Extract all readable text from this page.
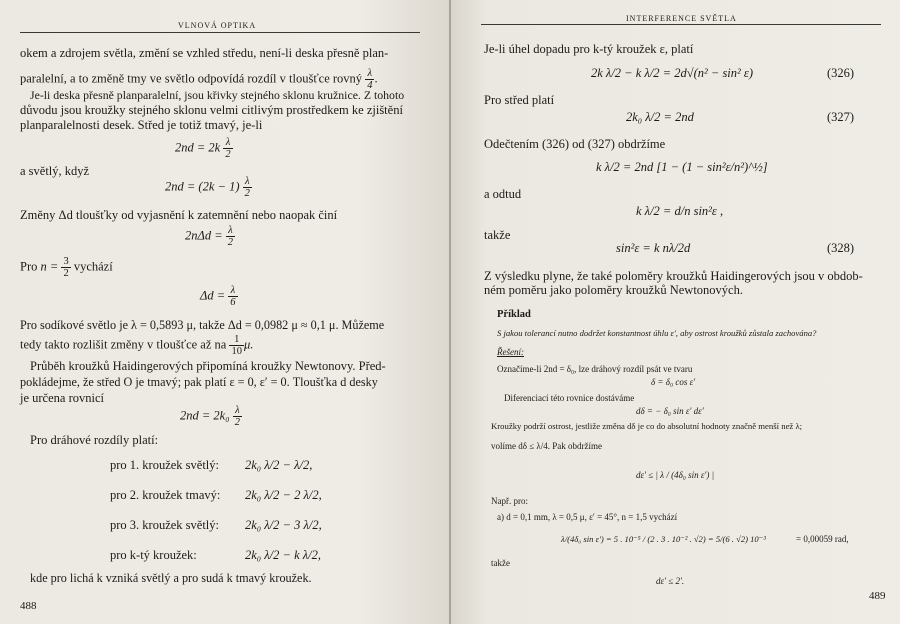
VLNOVÁ OPTIKA
okem a zdrojem světla, změní se vzhled středu, není-li deska přesně plan-
paralelní, a to změně tmy ve světlo odpovídá rozdíl v tloušťce rovný $\frac{\lambda}{4}$ .
Je-li deska přesně planparalelní, jsou křivky stejného sklonu kružnice. Z tohoto
důvodu jsou kroužky stejného sklonu velmi citlivým prostředkem ke zjištění
planparalelnosti desek. Střed je totiž tmavý, je-li
$2nd = 2k \frac{\lambda}{2}$
a světlý, když
$2nd = (2k - 1) \frac{\lambda}{2}$
Změny Δd tloušťky od vyjasnění k zatemnění nebo naopak činí
$2n\Delta d = \frac{\lambda}{2}$
Pro $n = \frac{3}{2}$ vychází
$\Delta d = \frac{\lambda}{6}$
Pro sodíkové světlo je λ = 0,5893 μ, takže Δd = 0,0982 μ ≈ 0,1 μ. Můžeme
tedy takto rozlišit změny v tloušťce až na $\frac{1}{10} \mu$.
Průběh kroužků Haidingerových připomíná kroužky Newtonovy. Před-
pokládejme, že střed O je tmavý; pak platí ε = 0, ε′ = 0. Tloušťka d desky
je určena rovnicí
$2nd = 2k_0 \frac{\lambda}{2}$
Pro dráhové rozdíly platí:
pro 1. kroužek světlý: 2k₀ λ/2 − λ/2,
pro 2. kroužek tmavý: 2k₀ λ/2 − 2 λ/2,
pro 3. kroužek světlý: 2k₀ λ/2 − 3 λ/2,
pro k-tý kroužek:	2k₀ λ/2 − k λ/2,
kde pro lichá k vzniká světlý a pro sudá k tmavý kroužek.
488
INTERFERENCE SVĚTLA
Je-li úhel dopadu pro k-tý kroužek ε, platí
2k λ/2 − k λ/2 = 2d√(n² − sin² ε)	(326)
Pro střed platí
2k₀ λ/2 = 2nd	(327)
Odečtením (326) od (327) obdržíme
k λ/2 = 2nd [1 − (1 − sin²ε/n²)^½]
a odtud
k λ/2 = d/n sin²ε ,
takže
sin²ε = k nλ/2d	(328)
Z výsledku plyne, že také poloměry kroužků Haidingerových jsou v obdob-
ném poměru jako poloměry kroužků Newtonových.
Příklad
S jakou tolerancí nutno dodržet konstantnost úhlu ε′, aby ostrost kroužků zůstala zachována?
Řešení:
Označíme-li 2nd = δ₀, lze dráhový rozdíl psát ve tvaru
δ = δ₀ cos ε′
Diferenciací této rovnice dostáváme
dδ = − δ₀ sin ε′ dε′
Kroužky podrží ostrost, jestliže změna dδ je co do absolutní hodnoty značně menší než λ;
volíme dδ ≤ λ/4. Pak obdržíme
dε′ ≤ | λ / (4δ₀ sin ε′) |
Např. pro:
a) d = 0,1 mm, λ = 0,5 μ, ε′ = 45°, n = 1,5 vychází
λ/(4δ₀ sin ε′) = 5 . 10⁻⁵ / (2 . 3 . 10⁻² . √2) = 5/(6 . √2) 10⁻³	= 0,00059 rad,
takže
dε′ ≤ 2′.
489
